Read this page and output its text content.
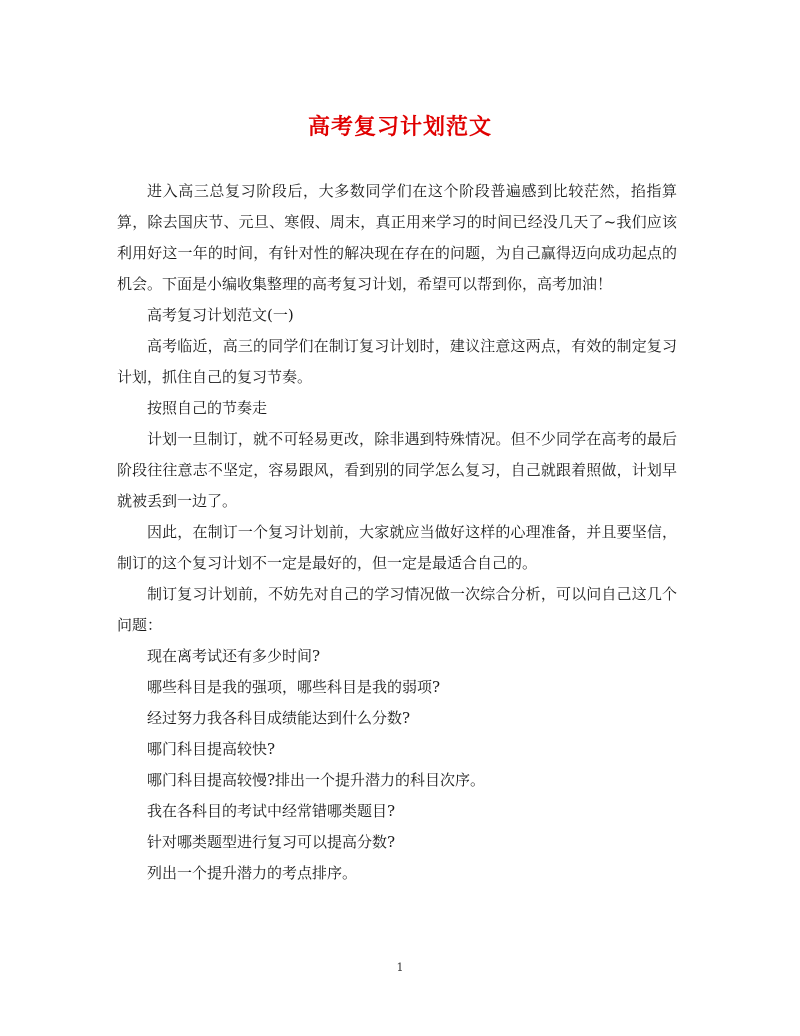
高考复习计划范文

进入高三总复习阶段后，大多数同学们在这个阶段普遍感到比较茫然，掐指算算，除去国庆节、元旦、寒假、周末，真正用来学习的时间已经没几天了~我们应该利用好这一年的时间，有针对性的解决现在存在的问题，为自己赢得迈向成功起点的机会。下面是小编收集整理的高考复习计划，希望可以帮到你，高考加油！

高考复习计划范文(一)

高考临近，高三的同学们在制订复习计划时，建议注意这两点，有效的制定复习计划，抓住自己的复习节奏。

按照自己的节奏走

计划一旦制订，就不可轻易更改，除非遇到特殊情况。但不少同学在高考的最后阶段往往意志不坚定，容易跟风，看到别的同学怎么复习，自己就跟着照做，计划早就被丢到一边了。

因此，在制订一个复习计划前，大家就应当做好这样的心理准备，并且要坚信，制订的这个复习计划不一定是最好的，但一定是最适合自己的。

制订复习计划前，不妨先对自己的学习情况做一次综合分析，可以问自己这几个问题：

现在离考试还有多少时间?

哪些科目是我的强项，哪些科目是我的弱项?

经过努力我各科目成绩能达到什么分数?

哪门科目提高较快?

哪门科目提高较慢?排出一个提升潜力的科目次序。

我在各科目的考试中经常错哪类题目?

针对哪类题型进行复习可以提高分数?

列出一个提升潜力的考点排序。

1
